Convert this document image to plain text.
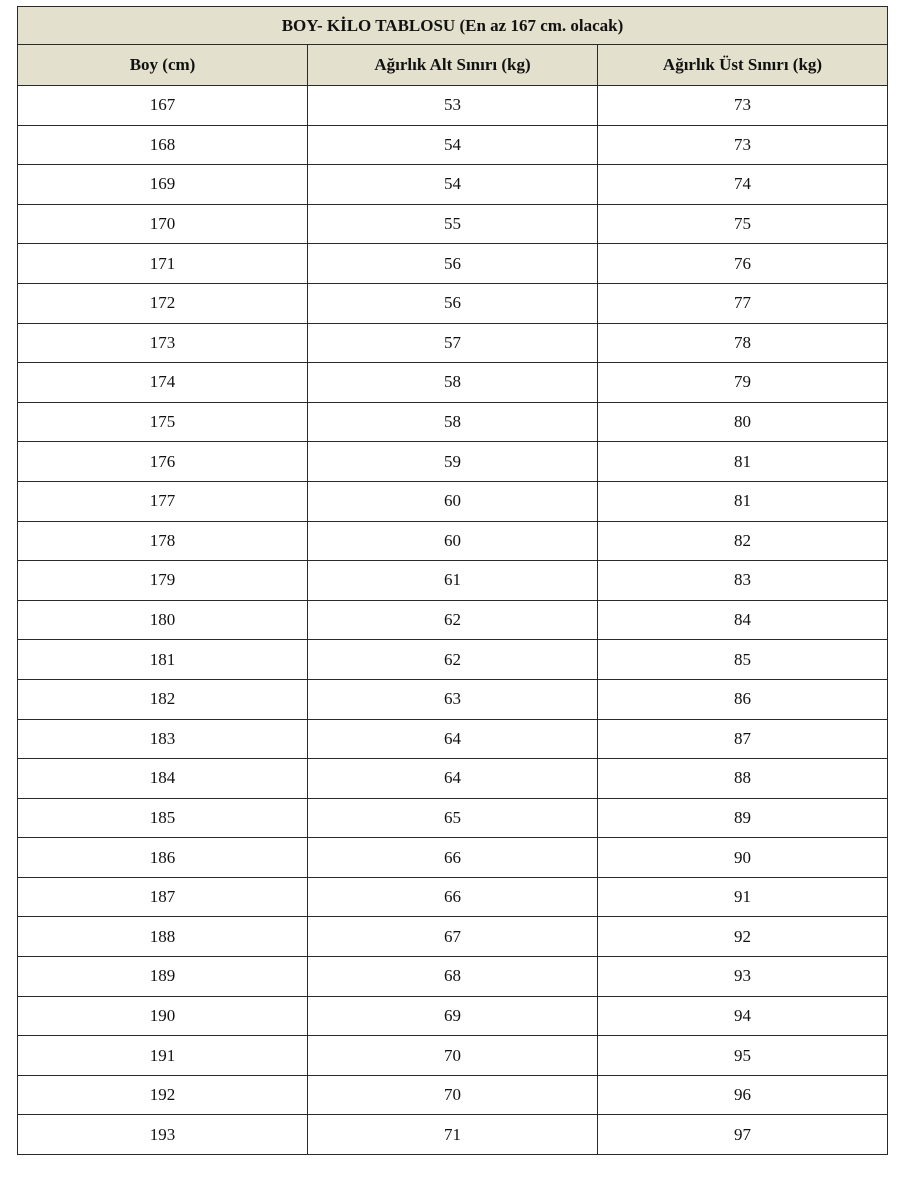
BOY- KİLO TABLOSU (En az 167 cm. olacak)		
Boy (cm)	Ağırlık Alt Sınırı (kg)	Ağırlık Üst Sınırı (kg)
167	53	73
168	54	73
169	54	74
170	55	75
171	56	76
172	56	77
173	57	78
174	58	79
175	58	80
176	59	81
177	60	81
178	60	82
179	61	83
180	62	84
181	62	85
182	63	86
183	64	87
184	64	88
185	65	89
186	66	90
187	66	91
188	67	92
189	68	93
190	69	94
191	70	95
192	70	96
193	71	97
